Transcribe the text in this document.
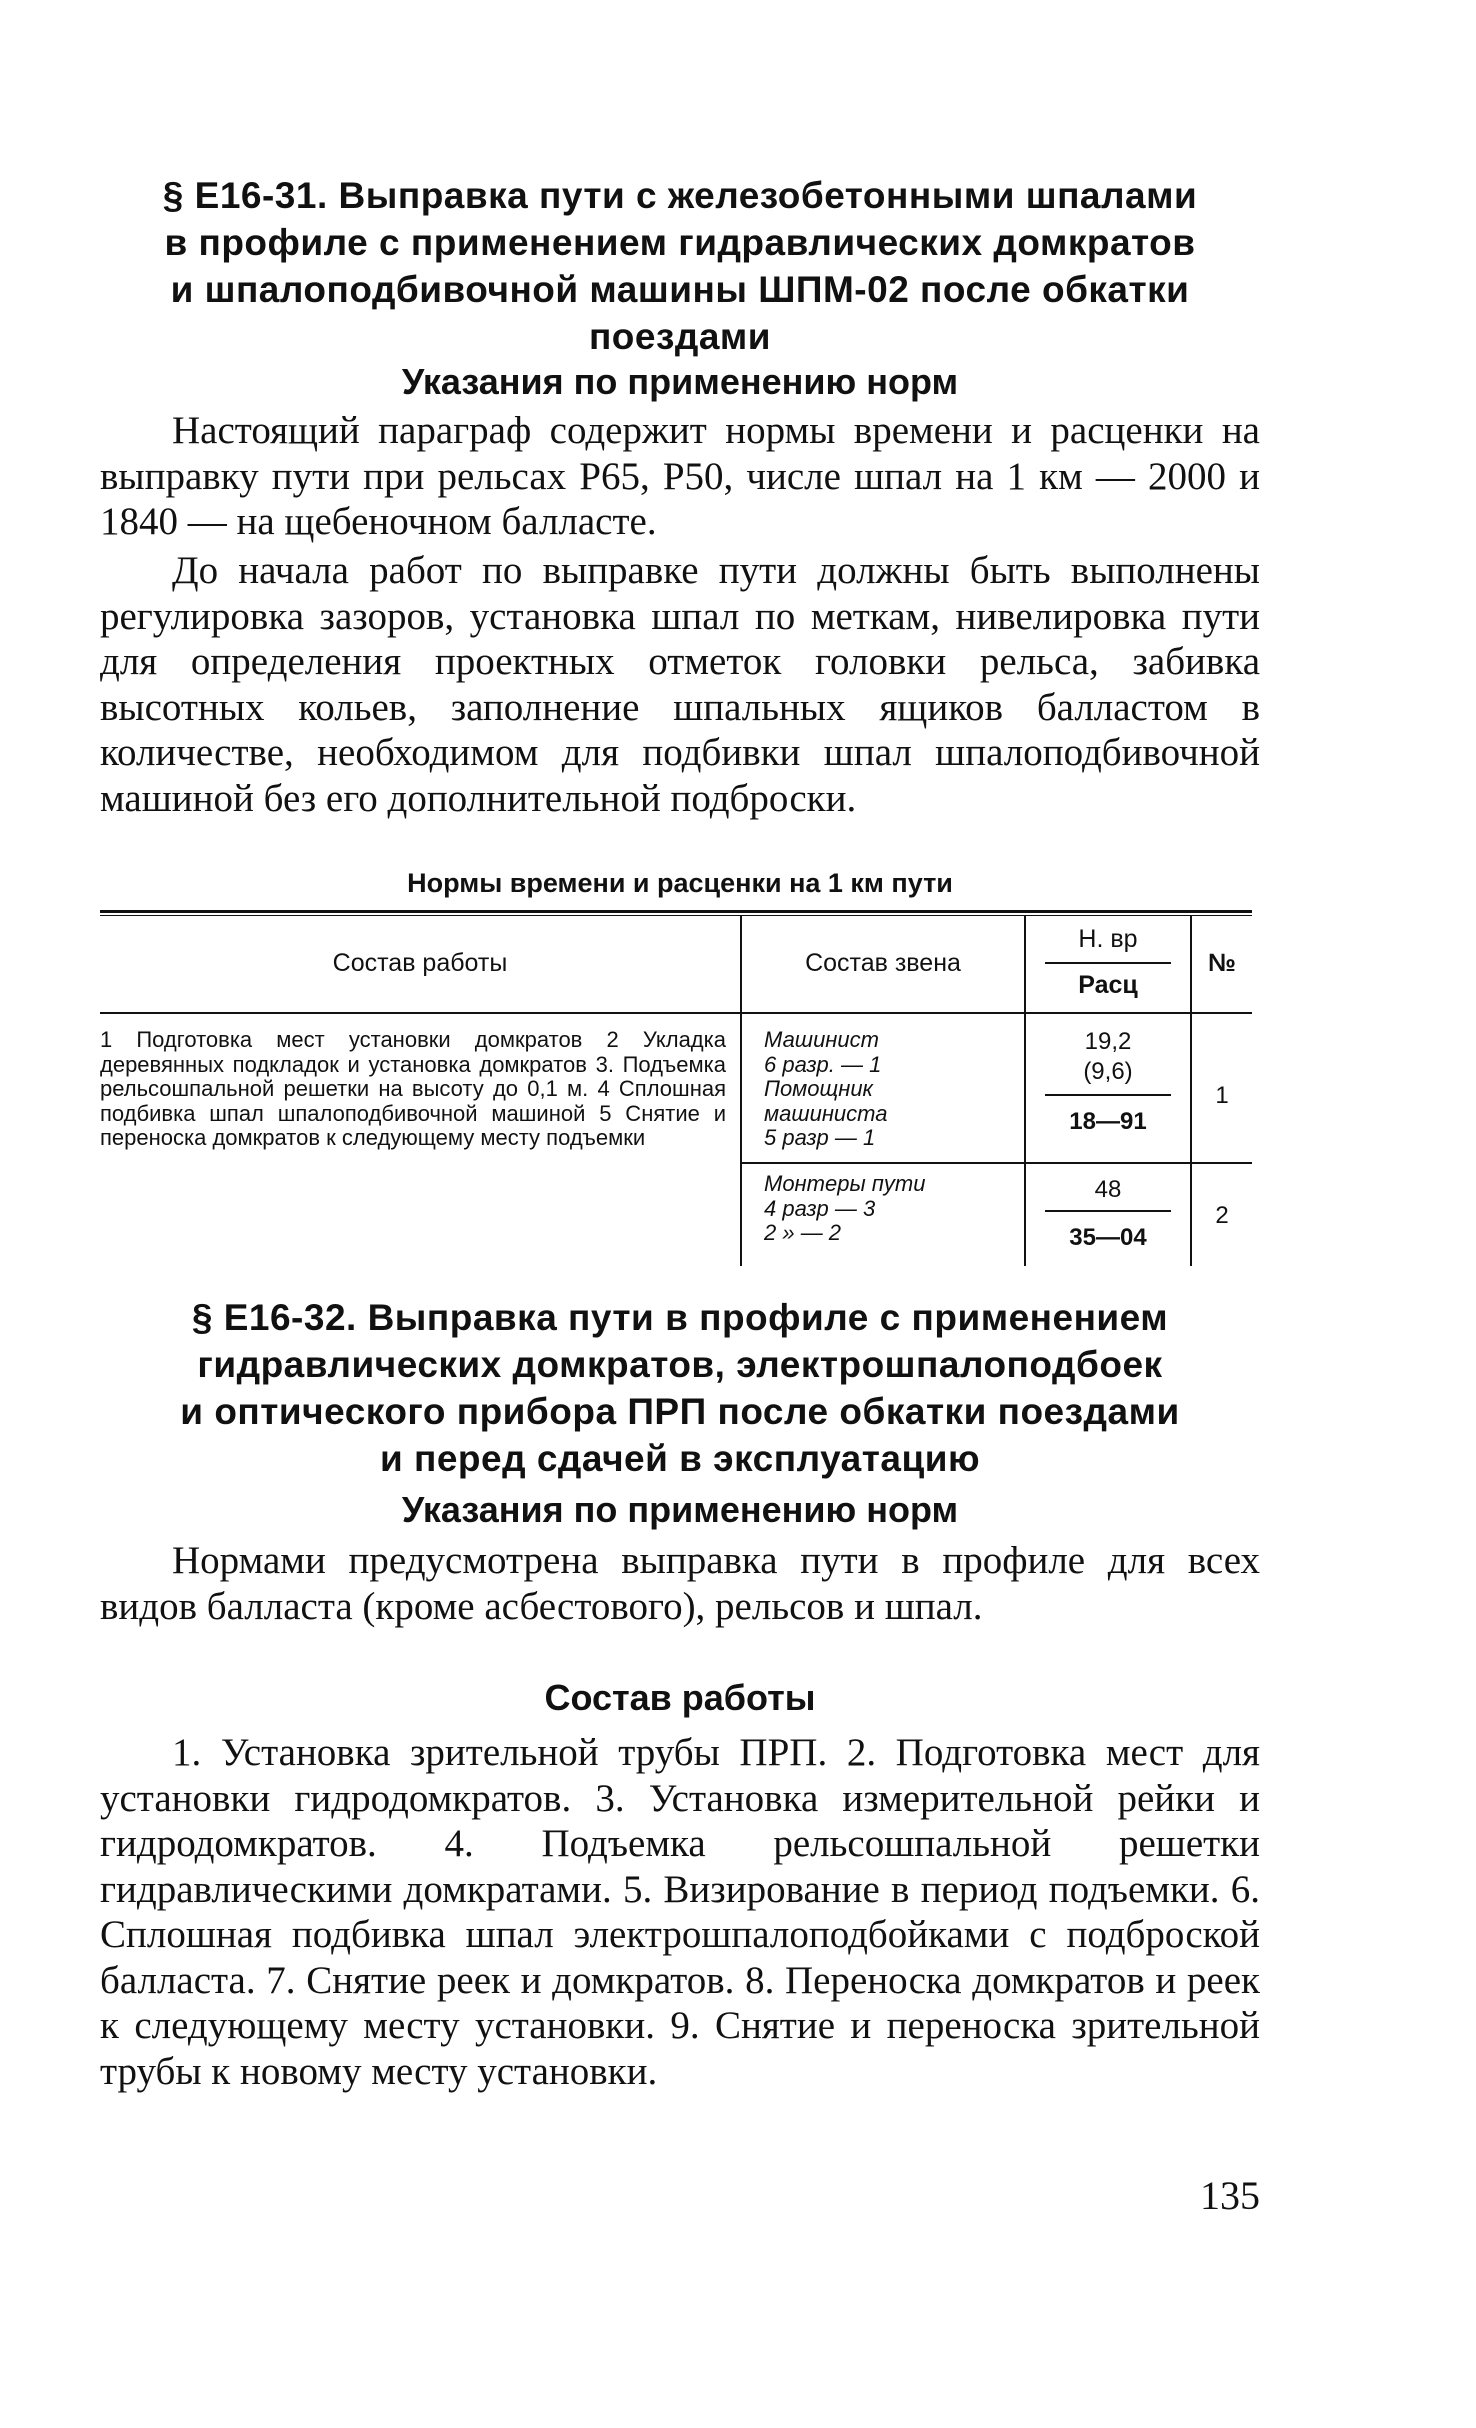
§ Е16-31. Выправка пути с железобетонными шпалами
в профиле с применением гидравлических домкратов
и шпалоподбивочной машины ШПМ-02 после обкатки
поездами
Указания по применению норм

Настоящий параграф содержит нормы времени и расценки на выправку пути при рельсах Р65, Р50, числе шпал на 1 км — 2000 и 1840 — на щебеночном балласте.

До начала работ по выправке пути должны быть выполнены регулировка зазоров, установка шпал по меткам, нивелировка пути для определения проектных отметок головки рельса, забивка высотных кольев, заполнение шпальных ящиков балластом в количестве, необходимом для подбивки шпал шпалоподбивочной машиной без его дополнительной подброски.

Нормы времени и расценки на 1 км пути
Состав работы	Состав звена
Н. вр
Расц
№
1 Подготовка мест установки домкратов 2 Укладка деревянных подкладок и установка домкратов 3. Подъемка рельсошпальной решетки на высоту до 0,1 м. 4 Сплошная подбивка шпал шпалоподбивочной машиной 5 Снятие и переноска домкратов к следующему месту подъемки
Машинист
6 разр. — 1
Помощник
машиниста
5 разр — 1
Монтеры пути
4 разр — 3
2 » — 2
19,2
(9,6)
18—91
1
48
35—04
2
§ Е16-32. Выправка пути в профиле с применением
гидравлических домкратов, электрошпалоподбоек
и оптического прибора ПРП после обкатки поездами
и перед сдачей в эксплуатацию
Указания по применению норм

Нормами предусмотрена выправка пути в профиле для всех видов балласта (кроме асбестового), рельсов и шпал.

Состав работы

1. Установка зрительной трубы ПРП. 2. Подготовка мест для установки гидродомкратов. 3. Установка измерительной рейки и гидродомкратов. 4. Подъемка рельсошпальной решетки гидравлическими домкратами. 5. Визирование в период подъемки. 6. Сплошная подбивка шпал электрошпалоподбойками с подброской балласта. 7. Снятие реек и домкратов. 8. Переноска домкратов и реек к следующему месту установки. 9. Снятие и переноска зрительной трубы к новому месту установки.

135
